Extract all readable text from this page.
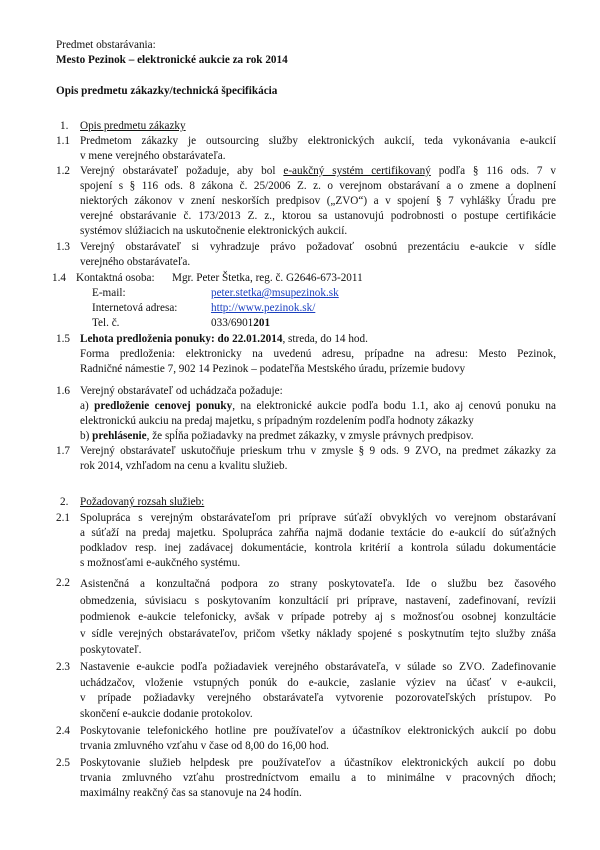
Predmet obstarávania:
Mesto Pezinok – elektronické aukcie za rok 2014
Opis predmetu zákazky/technická špecifikácia
1. Opis predmetu zákazky
1.1 Predmetom zákazky je outsourcing služby elektronických aukcií, teda vykonávania e-aukcií
v mene verejného obstarávateľa.
1.2 Verejný obstarávateľ požaduje, aby bol e-aukčný systém certifikovaný podľa § 116 ods. 7 v
spojení s § 116 ods. 8 zákona č. 25/2006 Z. z. o verejnom obstarávaní a o zmene a doplnení
niektorých zákonov v znení neskorších predpisov („ZVO“) a v spojení § 7 vyhlášky Úradu pre
verejné obstarávanie č. 173/2013 Z. z., ktorou sa ustanovujú podrobnosti o postupe certifikácie
systémov slúžiacich na uskutočnenie elektronických aukcií.
1.3 Verejný obstarávateľ si vyhradzuje právo požadovať osobnú prezentáciu e-aukcie v sídle
verejného obstarávateľa.
1.4 Kontaktná osoba: Mgr. Peter Štetka, reg. č. G2646-673-2011
E-mail:	peter.stetka@msupezinok.sk
Internetová adresa:	http://www.pezinok.sk/
Tel. č.	033/6901201
1.5 Lehota predloženia ponuky: do 22.01.2014, streda, do 14 hod.
Forma predloženia: elektronicky na uvedenú adresu, prípadne na adresu: Mesto Pezinok,
Radničné námestie 7, 902 14 Pezinok – podateľňa Mestského úradu, prízemie budovy
1.6 Verejný obstarávateľ od uchádzača požaduje:
a) predloženie cenovej ponuky, na elektronické aukcie podľa bodu 1.1, ako aj cenovú ponuku na
elektronickú aukciu na predaj majetku, s prípadným rozdelením podľa hodnoty zákazky
b) prehlásenie, že spĺňa požiadavky na predmet zákazky, v zmysle právnych predpisov.
1.7 Verejný obstarávateľ uskutočňuje prieskum trhu v zmysle § 9 ods. 9 ZVO, na predmet zákazky za
rok 2014, vzhľadom na cenu a kvalitu služieb.
2. Požadovaný rozsah služieb:
2.1 Spolupráca s verejným obstarávateľom pri príprave súťaží obvyklých vo verejnom obstarávaní
a súťaží na predaj majetku. Spolupráca zahŕňa najmä dodanie textácie do e-aukcií do súťažných
podkladov resp. inej zadávacej dokumentácie, kontrola kritérií a kontrola súladu dokumentácie
s možnosťami e-aukčného systému.
2.2 Asistenčná a konzultačná podpora zo strany poskytovateľa. Ide o službu bez časového
obmedzenia, súvisiacu s poskytovaním konzultácií pri príprave, nastavení, zadefinovaní, revízii
podmienok e-aukcie telefonicky, avšak v prípade potreby aj s možnosťou osobnej konzultácie
v sídle verejných obstarávateľov, pričom všetky náklady spojené s poskytnutím tejto služby znáša
poskytovateľ.
2.3 Nastavenie e-aukcie podľa požiadaviek verejného obstarávateľa, v súlade so ZVO. Zadefinovanie
uchádzačov, vloženie vstupných ponúk do e-aukcie, zaslanie výziev na účasť v e-aukcii,
v prípade požiadavky verejného obstarávateľa vytvorenie pozorovateľských prístupov. Po
skončení e-aukcie dodanie protokolov.
2.4 Poskytovanie telefonického hotline pre používateľov a účastníkov elektronických aukcií po dobu
trvania zmluvného vzťahu v čase od 8,00 do 16,00 hod.
2.5 Poskytovanie služieb helpdesk pre používateľov a účastníkov elektronických aukcií po dobu
trvania zmluvného vzťahu prostredníctvom emailu a to minimálne v pracovných dňoch;
maximálny reakčný čas sa stanovuje na 24 hodín.
